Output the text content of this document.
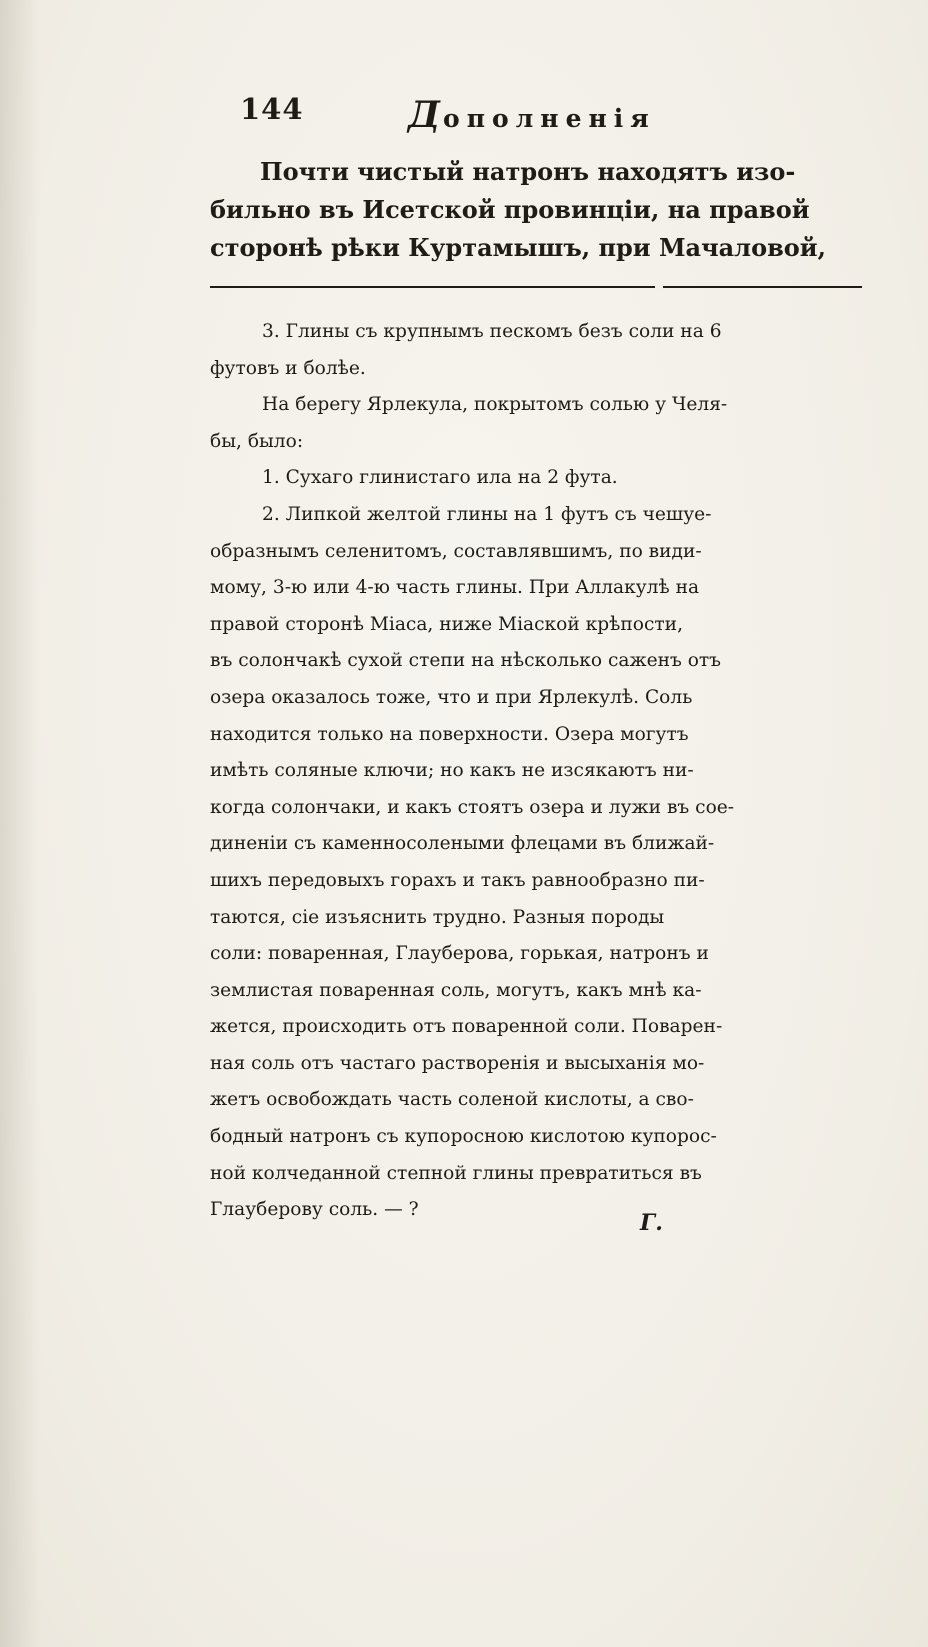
144	Дополненія
Почти чистый натронъ находятъ изо-
бильно въ Исетской провинціи, на правой
сторонѣ рѣки Куртамышъ, при Мачаловой,
3. Глины съ крупнымъ пескомъ безъ соли на 6
футовъ и болѣе.
На берегу Ярлекула, покрытомъ солью у Челя-
бы, было:
1. Сухаго глинистаго ила на 2 фута.
2. Липкой желтой глины на 1 футъ съ чешуе-
образнымъ селенитомъ, составлявшимъ, по види-
мому, 3-ю или 4-ю часть глины. При Аллакулѣ на
правой сторонѣ Міаса, ниже Міаской крѣпости,
въ солончакѣ сухой степи на нѣсколько саженъ отъ
озера оказалось тоже, что и при Ярлекулѣ. Соль
находится только на поверхности. Озера могутъ
имѣть соляные ключи; но какъ не изсякаютъ ни-
когда солончаки, и какъ стоятъ озера и лужи въ сое-
диненіи съ каменносолеными флецами въ ближай-
шихъ передовыхъ горахъ и такъ равнообразно пи-
таются, сіе изъяснить трудно. Разныя породы
соли: поваренная, Глауберова, горькая, натронъ и
землистая поваренная соль, могутъ, какъ мнѣ ка-
жется, происходить отъ поваренной соли. Поварен-
ная соль отъ частаго растворенія и высыханія мо-
жетъ освобождать часть соленой кислоты, а сво-
бодный натронъ съ купоросною кислотою купорос-
ной колчеданной степной глины превратиться въ
Глауберову соль. — ?
Г.
